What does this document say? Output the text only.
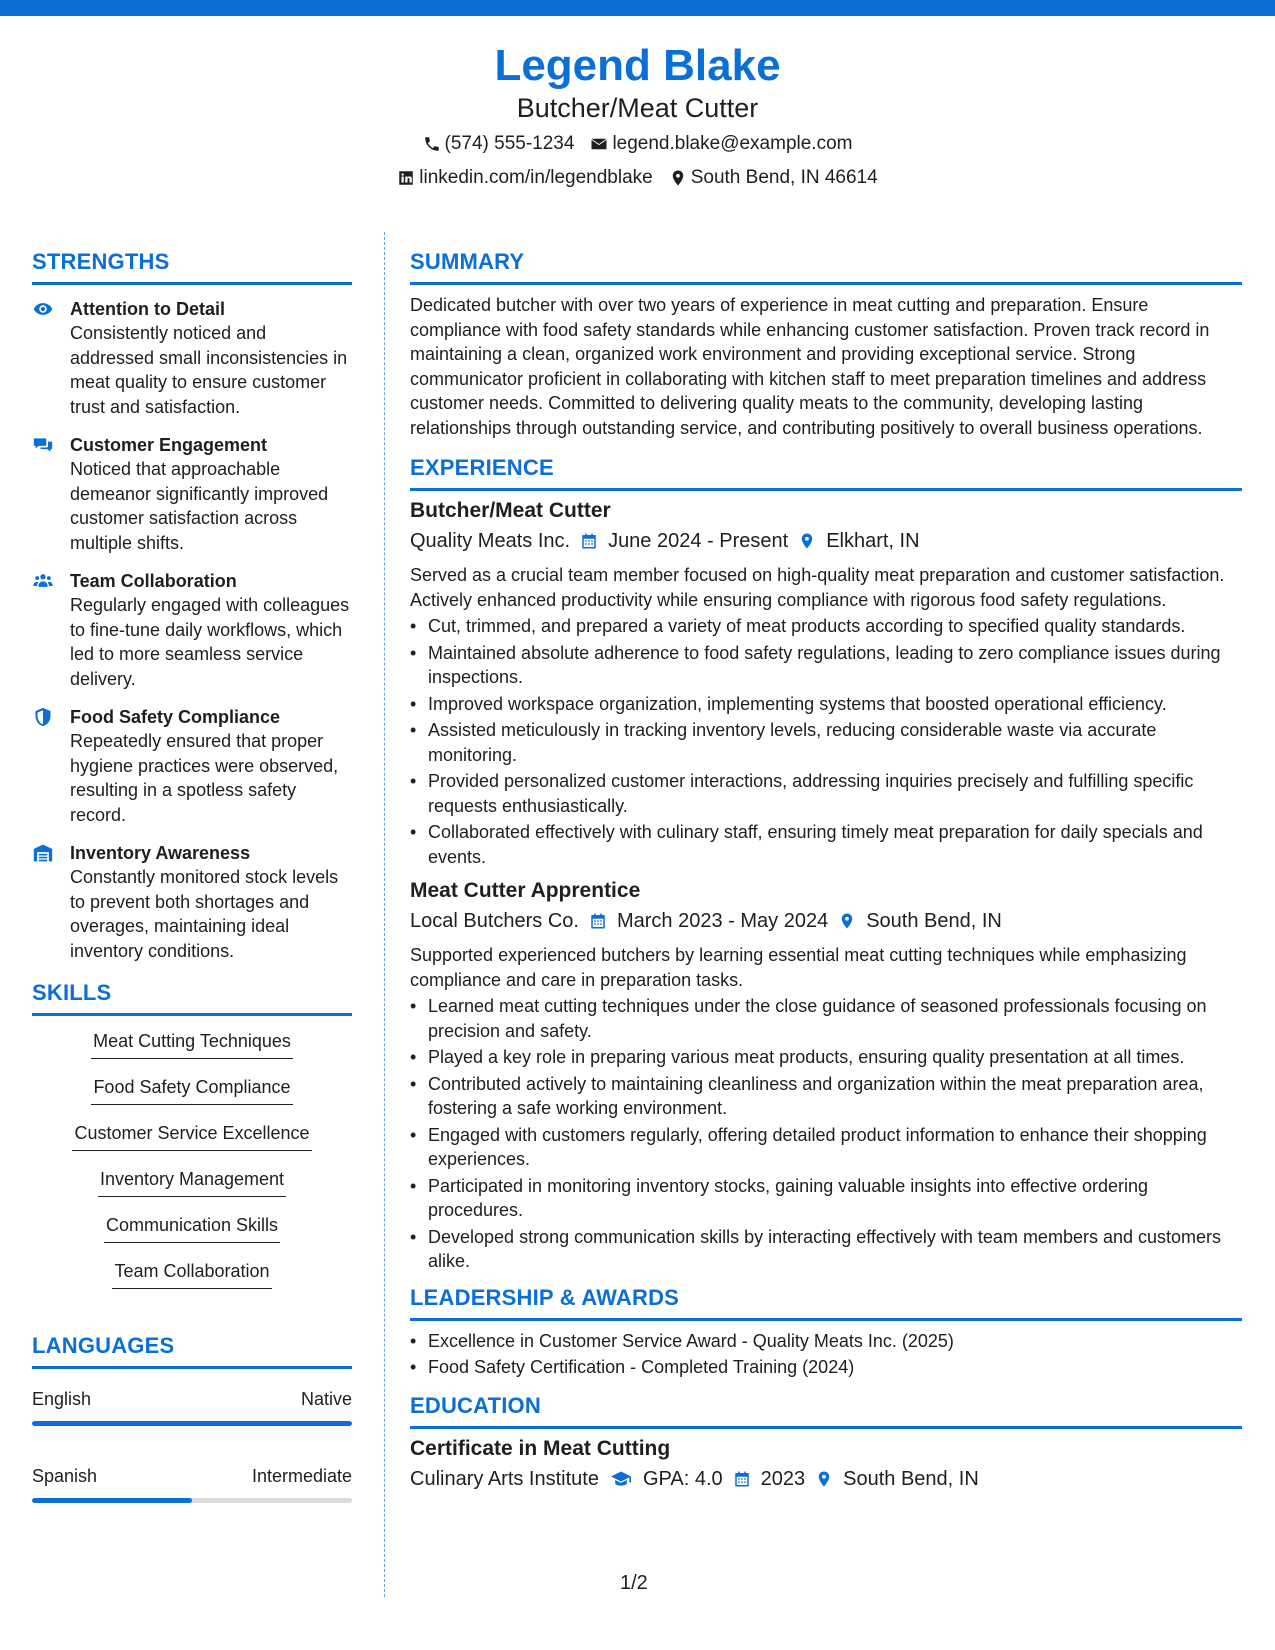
Legend Blake
Butcher/Meat Cutter
(574) 555-1234 legend.blake@example.com
linkedin.com/in/legendblake South Bend, IN 46614
STRENGTHS
Attention to Detail
Consistently noticed and addressed small inconsistencies in meat quality to ensure customer trust and satisfaction.
Customer Engagement
Noticed that approachable demeanor significantly improved customer satisfaction across multiple shifts.
Team Collaboration
Regularly engaged with colleagues to fine-tune daily workflows, which led to more seamless service delivery.
Food Safety Compliance
Repeatedly ensured that proper hygiene practices were observed, resulting in a spotless safety record.
Inventory Awareness
Constantly monitored stock levels to prevent both shortages and overages, maintaining ideal inventory conditions.
SKILLS
Meat Cutting Techniques
Food Safety Compliance
Customer Service Excellence
Inventory Management
Communication Skills
Team Collaboration
LANGUAGES
English	Native
Spanish	Intermediate
SUMMARY
Dedicated butcher with over two years of experience in meat cutting and preparation. Ensure compliance with food safety standards while enhancing customer satisfaction. Proven track record in maintaining a clean, organized work environment and providing exceptional service. Strong communicator proficient in collaborating with kitchen staff to meet preparation timelines and address customer needs. Committed to delivering quality meats to the community, developing lasting relationships through outstanding service, and contributing positively to overall business operations.
EXPERIENCE
Butcher/Meat Cutter
Quality Meats Inc. June 2024 - Present Elkhart, IN
Served as a crucial team member focused on high-quality meat preparation and customer satisfaction. Actively enhanced productivity while ensuring compliance with rigorous food safety regulations.
• Cut, trimmed, and prepared a variety of meat products according to specified quality standards.
• Maintained absolute adherence to food safety regulations, leading to zero compliance issues during inspections.
• Improved workspace organization, implementing systems that boosted operational efficiency.
• Assisted meticulously in tracking inventory levels, reducing considerable waste via accurate monitoring.
• Provided personalized customer interactions, addressing inquiries precisely and fulfilling specific requests enthusiastically.
• Collaborated effectively with culinary staff, ensuring timely meat preparation for daily specials and events.
Meat Cutter Apprentice
Local Butchers Co. March 2023 - May 2024 South Bend, IN
Supported experienced butchers by learning essential meat cutting techniques while emphasizing compliance and care in preparation tasks.
• Learned meat cutting techniques under the close guidance of seasoned professionals focusing on precision and safety.
• Played a key role in preparing various meat products, ensuring quality presentation at all times.
• Contributed actively to maintaining cleanliness and organization within the meat preparation area, fostering a safe working environment.
• Engaged with customers regularly, offering detailed product information to enhance their shopping experiences.
• Participated in monitoring inventory stocks, gaining valuable insights into effective ordering procedures.
• Developed strong communication skills by interacting effectively with team members and customers alike.
LEADERSHIP & AWARDS
• Excellence in Customer Service Award - Quality Meats Inc. (2025)
• Food Safety Certification - Completed Training (2024)
EDUCATION
Certificate in Meat Cutting
Culinary Arts Institute GPA: 4.0 2023 South Bend, IN
1/2
